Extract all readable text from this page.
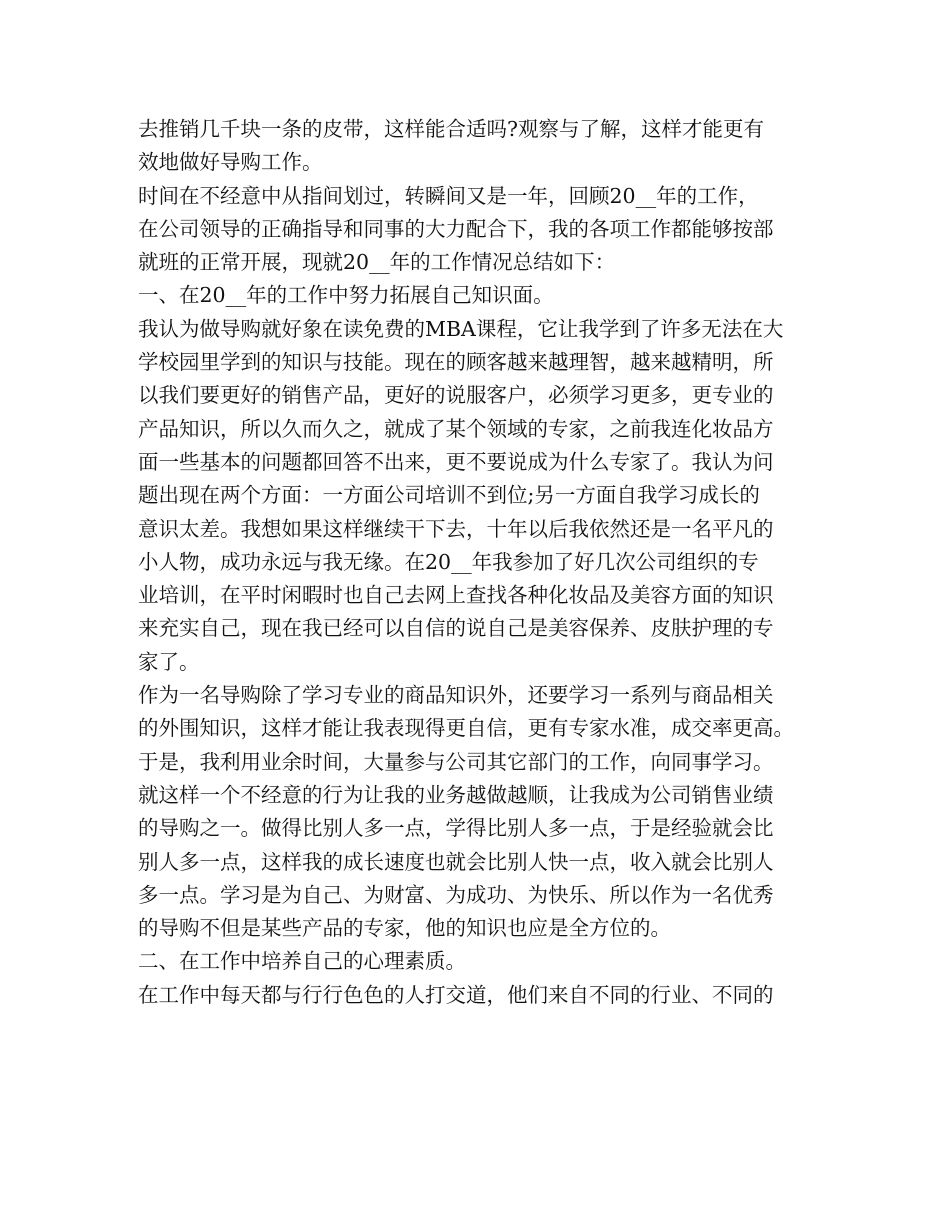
去推销几千块一条的皮带，这样能合适吗?观察与了解，这样才能更有
效地做好导购工作。
时间在不经意中从指间划过，转瞬间又是一年，回顾20__年的工作，
在公司领导的正确指导和同事的大力配合下，我的各项工作都能够按部
就班的正常开展，现就20__年的工作情况总结如下：
一、在20__年的工作中努力拓展自己知识面。
我认为做导购就好象在读免费的MBA课程，它让我学到了许多无法在大
学校园里学到的知识与技能。现在的顾客越来越理智，越来越精明，所
以我们要更好的销售产品，更好的说服客户，必须学习更多，更专业的
产品知识，所以久而久之，就成了某个领域的专家，之前我连化妆品方
面一些基本的问题都回答不出来，更不要说成为什么专家了。我认为问
题出现在两个方面：一方面公司培训不到位;另一方面自我学习成长的
意识太差。我想如果这样继续干下去，十年以后我依然还是一名平凡的
小人物，成功永远与我无缘。在20__年我参加了好几次公司组织的专
业培训，在平时闲暇时也自己去网上查找各种化妆品及美容方面的知识
来充实自己，现在我已经可以自信的说自己是美容保养、皮肤护理的专
家了。
作为一名导购除了学习专业的商品知识外，还要学习一系列与商品相关
的外围知识，这样才能让我表现得更自信，更有专家水准，成交率更高。
于是，我利用业余时间，大量参与公司其它部门的工作，向同事学习。
就这样一个不经意的行为让我的业务越做越顺，让我成为公司销售业绩
的导购之一。做得比别人多一点，学得比别人多一点，于是经验就会比
别人多一点，这样我的成长速度也就会比别人快一点，收入就会比别人
多一点。学习是为自己、为财富、为成功、为快乐、所以作为一名优秀
的导购不但是某些产品的专家，他的知识也应是全方位的。
二、在工作中培养自己的心理素质。
在工作中每天都与行行色色的人打交道，他们来自不同的行业、不同的
